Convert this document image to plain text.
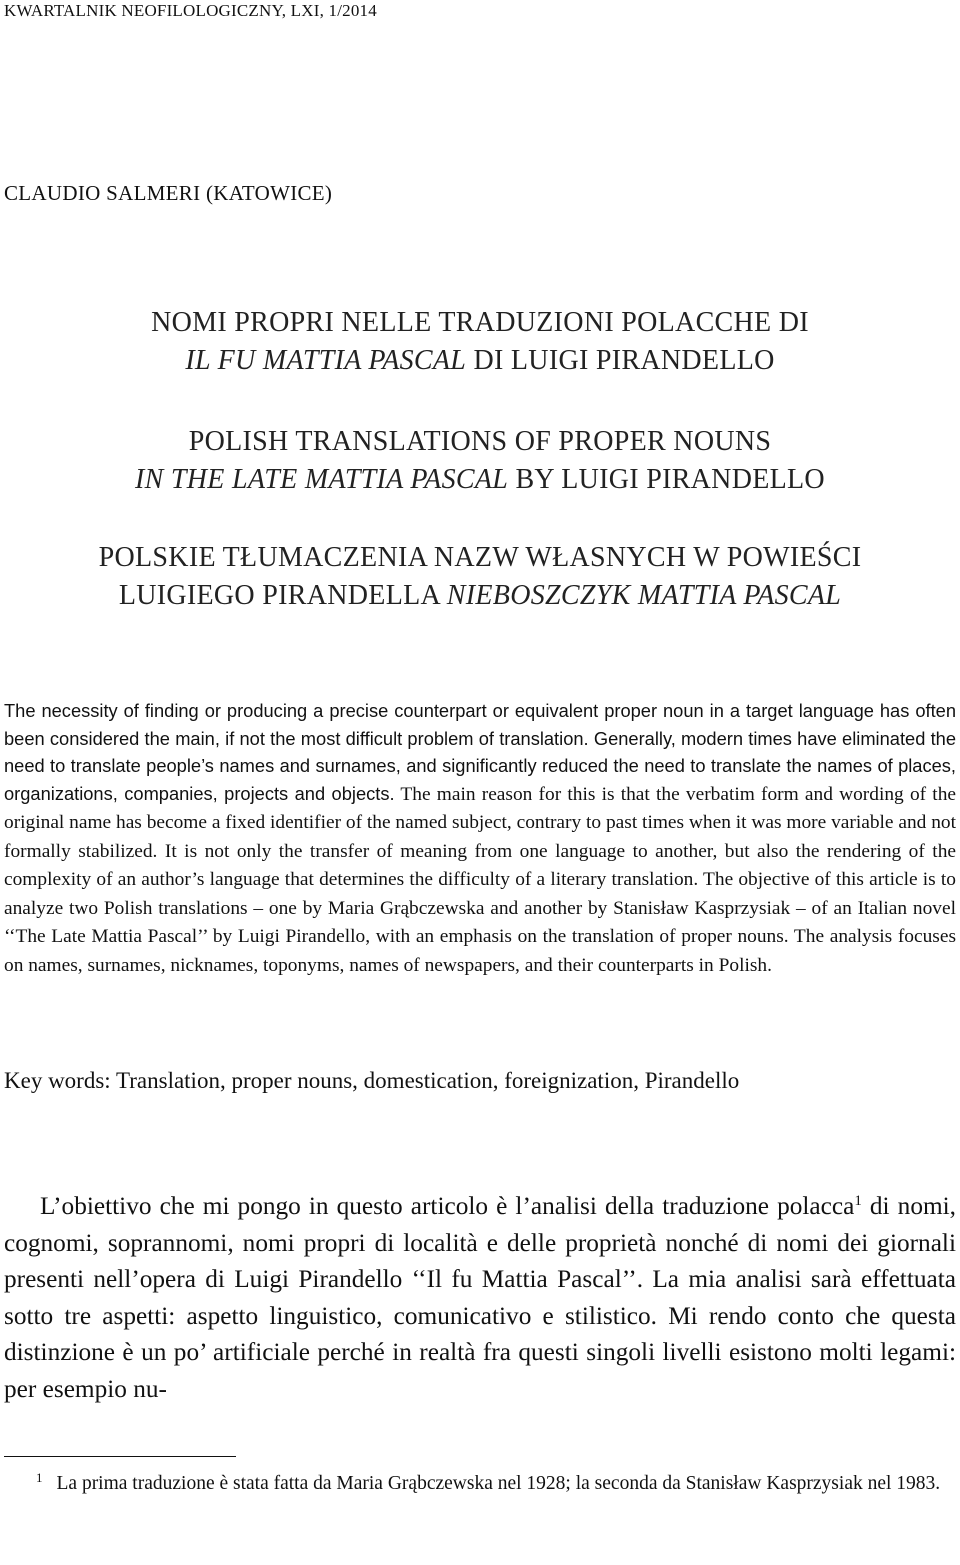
KWARTALNIK NEOFILOLOGICZNY, LXI, 1/2014
CLAUDIO SALMERI (KATOWICE)
NOMI PROPRI NELLE TRADUZIONI POLACCHE DI
IL FU MATTIA PASCAL DI LUIGI PIRANDELLO
POLISH TRANSLATIONS OF PROPER NOUNS
IN THE LATE MATTIA PASCAL BY LUIGI PIRANDELLO
POLSKIE TŁUMACZENIA NAZW WŁASNYCH W POWIEŚCI
LUIGIEGO PIRANDELLA NIEBOSZCZYK MATTIA PASCAL

The necessity of finding or producing a precise counterpart or equivalent proper noun in a target language has often been considered the main, if not the most difficult problem of translation. Generally, modern times have eliminated the need to translate people’s names and surnames, and significantly reduced the need to translate the names of places, organizations, companies, projects and objects. The main reason for this is that the verbatim form and wording of the original name has become a fixed identifier of the named subject, contrary to past times when it was more variable and not formally stabilized. It is not only the transfer of meaning from one language to another, but also the rendering of the complexity of an author’s language that determines the difficulty of a literary translation. The objective of this article is to analyze two Polish translations – one by Maria Grąbczewska and another by Stanisław Kasprzysiak – of an Italian novel ‘‘The Late Mattia Pascal’’ by Luigi Pirandello, with an emphasis on the translation of proper nouns. The analysis focuses on names, surnames, nicknames, toponyms, names of newspapers, and their counterparts in Polish.

Key words: Translation, proper nouns, domestication, foreignization, Pirandello

L’obiettivo che mi pongo in questo articolo è l’analisi della traduzione polacca$^1$ di nomi, cognomi, soprannomi, nomi propri di località e delle proprietà nonché di nomi dei giornali presenti nell’opera di Luigi Pirandello ‘‘Il fu Mattia Pascal’’. La mia analisi sarà effettuata sotto tre aspetti: aspetto linguistico, comunicativo e stilistico. Mi rendo conto che questa distinzione è un po’ artificiale perché in realtà fra questi singoli livelli esistono molti legami: per esempio nu-

$^1$ La prima traduzione è stata fatta da Maria Grąbczewska nel 1928; la seconda da Stanisław Kasprzysiak nel 1983.
